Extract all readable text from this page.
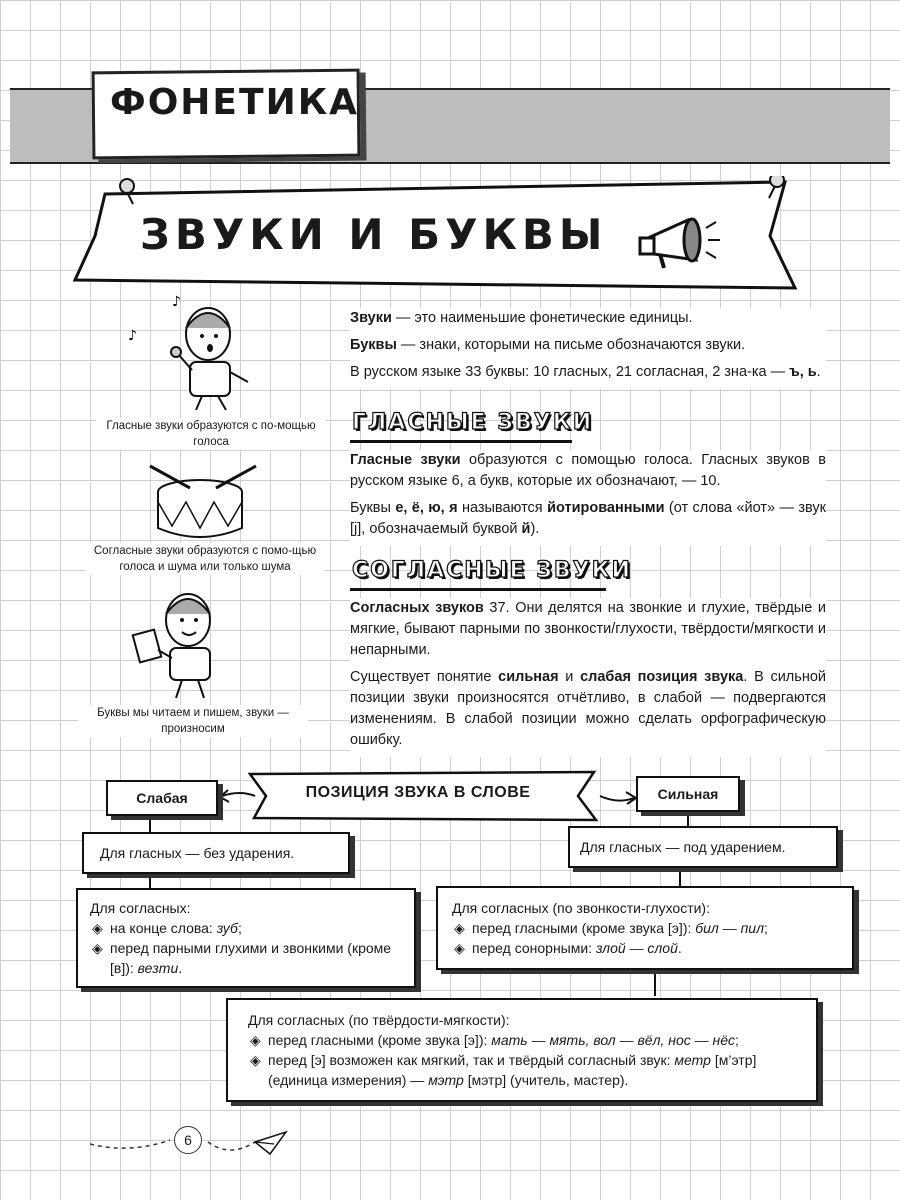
ФОНЕТИКА
ЗВУКИ И БУКВЫ
♪
♪
Гласные звуки образуются с по-мощью голоса
Согласные звуки образуются с помо-щью голоса и шума или только шума
Буквы мы читаем и пишем, звуки — произносим

Звуки — это наименьшие фонетические единицы.

Буквы — знаки, которыми на письме обозначаются звуки.

В русском языке 33 буквы: 10 гласных, 21 согласная, 2 зна-ка — ъ, ь.

ГЛАСНЫЕ ЗВУКИ

Гласные звуки образуются с помощью голоса. Гласных звуков в русском языке 6, а букв, которые их обозначают, — 10.

Буквы е, ё, ю, я называются йотированными (от слова «йот» — звук [j], обозначаемый буквой й).

СОГЛАСНЫЕ ЗВУКИ

Согласных звуков 37. Они делятся на звонкие и глухие, твёрдые и мягкие, бывают парными по звонкости/глухости, твёрдости/мягкости и непарными.

Существует понятие сильная и слабая позиция звука. В сильной позиции звуки произносятся отчётливо, в слабой — подвергаются изменениям. В слабой позиции можно сделать орфографическую ошибку.

ПОЗИЦИЯ ЗВУКА В СЛОВЕ
Слабая	Сильная
Для гласных — без ударения.	Для гласных — под ударением.
Для согласных:
◈ на конце слова: зуб;
◈ перед парными глухими и звонкими (кроме [в]): везти.
Для согласных (по звонкости-глухости):
◈ перед гласными (кроме звука [э]): бил — пил;
◈ перед сонорными: злой — слой.
Для согласных (по твёрдости-мягкости):
◈ перед гласными (кроме звука [э]): мать — мять, вол — вёл, нос — нёс;
◈ перед [э] возможен как мягкий, так и твёрдый согласный звук: метр [м’этр] (единица измерения) — мэтр [мэтр] (учитель, мастер).
6
